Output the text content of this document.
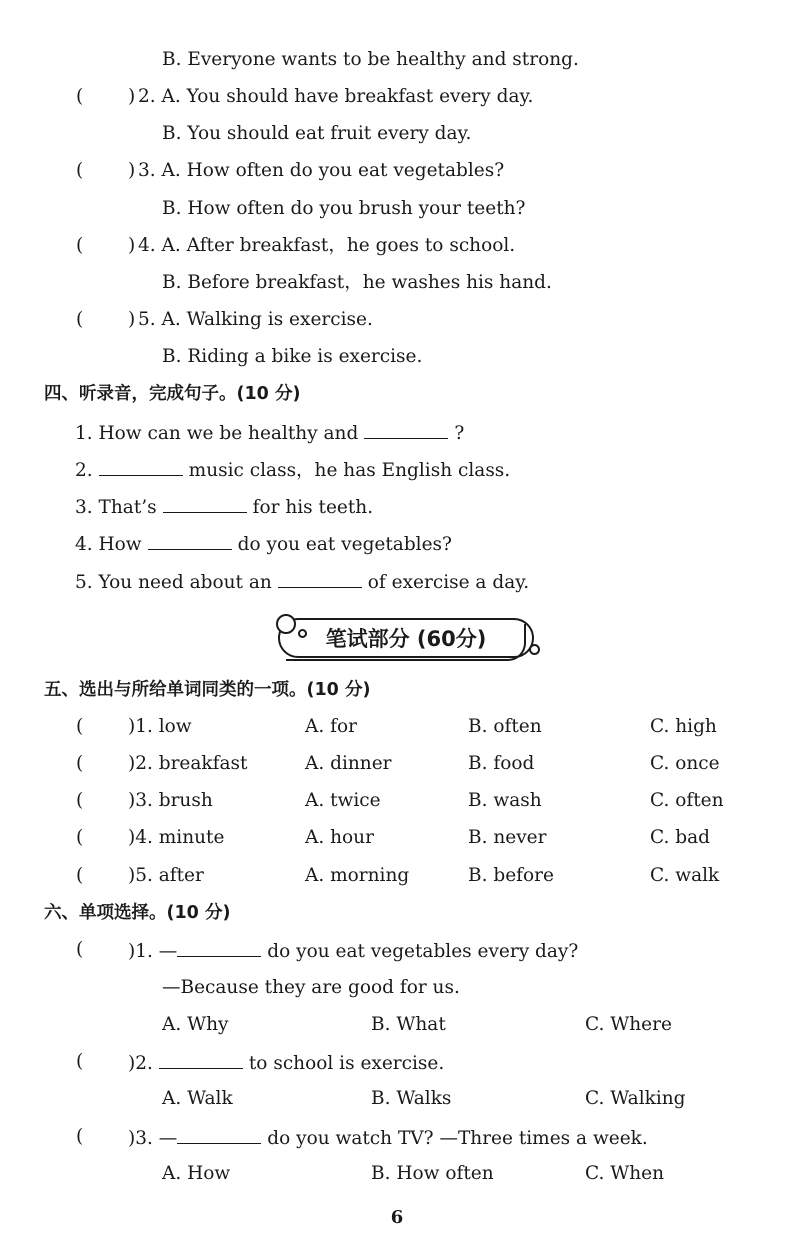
B. Everyone wants to be healthy and strong.
( ) 2. A. You should have breakfast every day.
B. You should eat fruit every day.
( ) 3. A. How often do you eat vegetables?
B. How often do you brush your teeth?
( ) 4. A. After breakfast，he goes to school.
B. Before breakfast，he washes his hand.
( ) 5. A. Walking is exercise.
B. Riding a bike is exercise.
四、听录音，完成句子。(10 分)
1. How can we be healthy and	?
2.	music class，he has English class.
3. That’s	for his teeth.
4. How	do you eat vegetables?
5. You need about an	of exercise a day.
笔试部分 (60分)
五、选出与所给单词同类的一项。(10 分)
( )1. low	A. for	B. often	C. high
( )2. breakfast	A. dinner	B. food	C. once
( )3. brush	A. twice	B. wash	C. often
( )4. minute	A. hour	B. never	C. bad
( )5. after	A. morning	B. before	C. walk
六、单项选择。(10 分)
( )1. —	do you eat vegetables every day?
—Because they are good for us.
A. Why	B. What	C. Where
( )2.	to school is exercise.
A. Walk	B. Walks	C. Walking
( )3. —	do you watch TV? —Three times a week.
A. How	B. How often	C. When
6
